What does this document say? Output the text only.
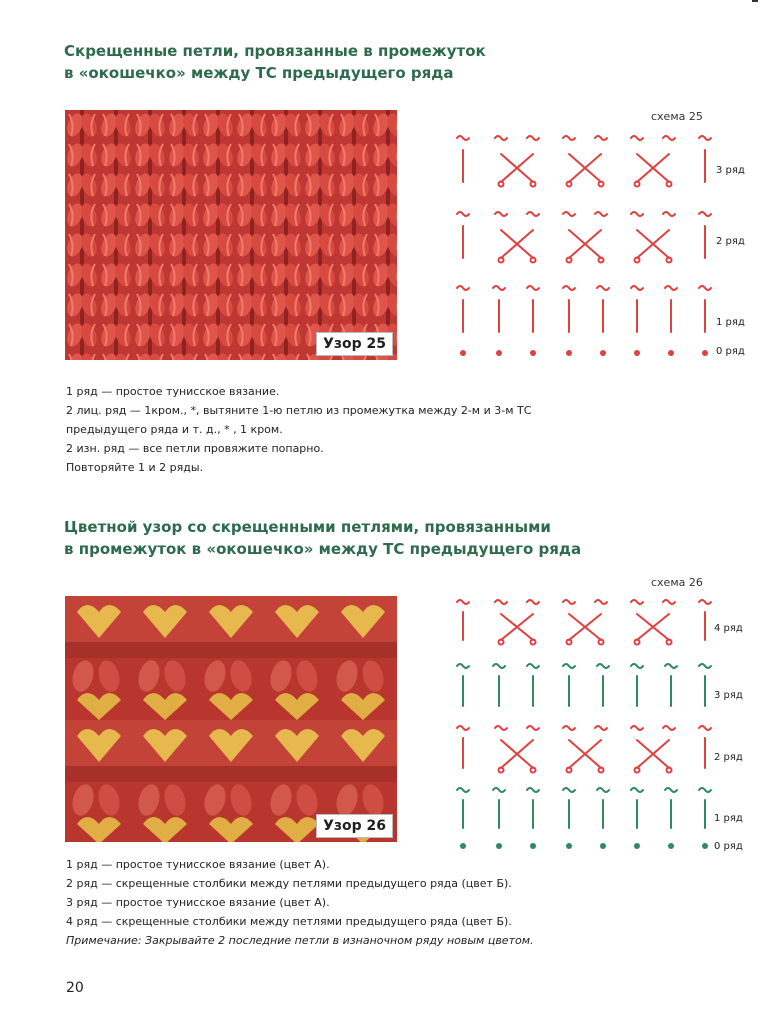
Скрещенные петли, провязанные в промежуток
в «окошечко» между ТС предыдущего ряда
Узор 25
схема 25
3 ряд
2 ряд
1 ряд
0 ряд
1 ряд — простое тунисское вязание.
2 лиц. ряд — 1кром., *, вытяните 1-ю петлю из промежутка между 2-м и 3-м ТС
предыдущего ряда и т. д., * , 1 кром.
2 изн. ряд — все петли провяжите попарно.
Повторяйте 1 и 2 ряды.
Цветной узор со скрещенными петлями, провязанными
в промежуток в «окошечко» между ТС предыдущего ряда
Узор 26
схема 26
4 ряд
3 ряд
2 ряд
1 ряд
0 ряд
1 ряд — простое тунисское вязание (цвет А).
2 ряд — скрещенные столбики между петлями предыдущего ряда (цвет Б).
3 ряд — простое тунисское вязание (цвет А).
4 ряд — скрещенные столбики между петлями предыдущего ряда (цвет Б).
Примечание: Закрывайте 2 последние петли в изнаночном ряду новым цветом.
20
